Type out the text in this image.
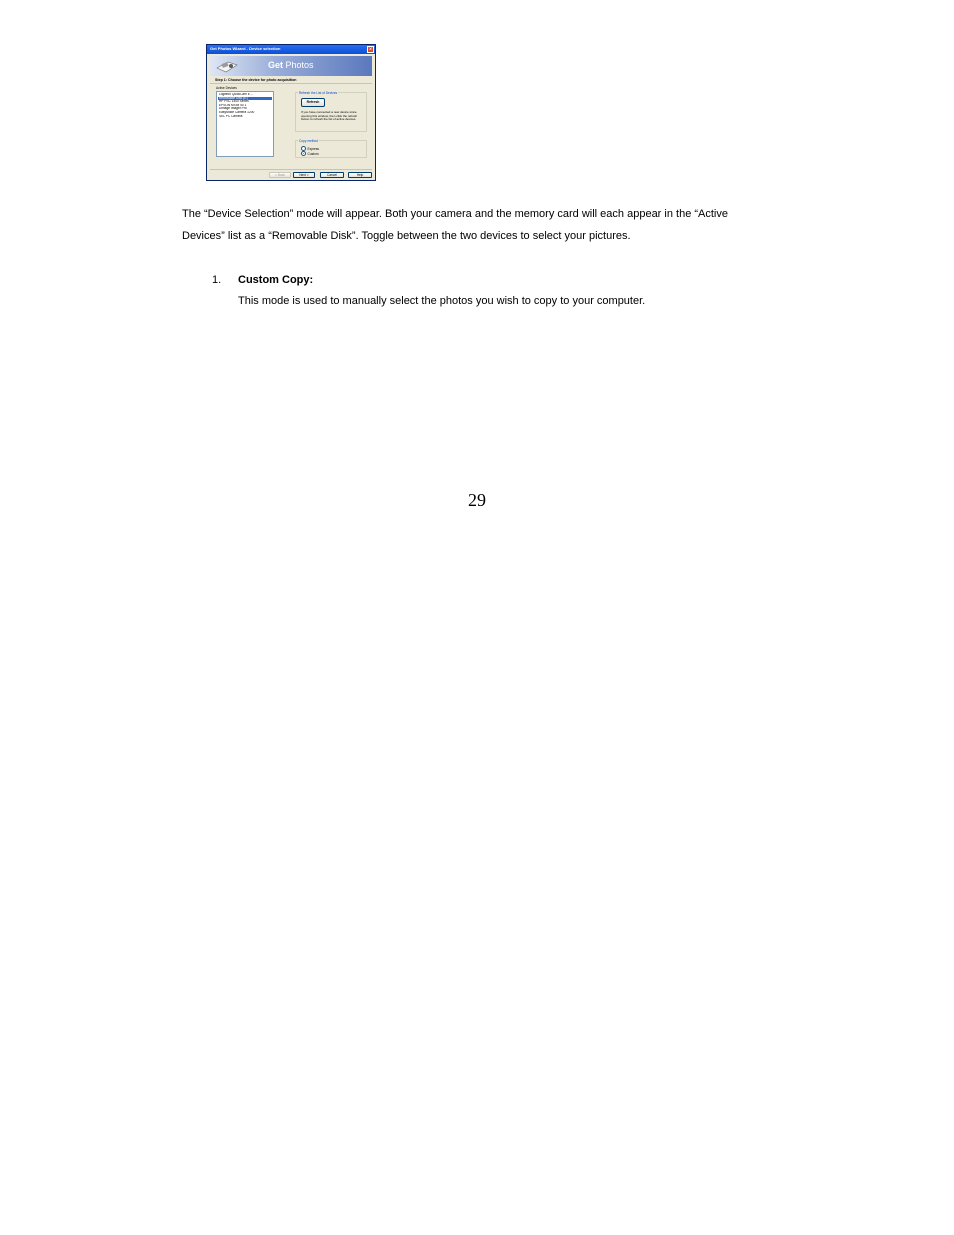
Get Photos Wizard - Device selection	×
Get Photos
Step 1: Choose the device for photo acquisition
Active Devices
Logitech QuickCam E…
Removable Disk (E:)
HP PSC 1400 Series
EPSON MX5x Sc 1
Dimage Imager Pro
EasyMode Camera 1200
SEL PC Camera
Refresh the List of Devices
Refresh
If you have connected a new device since opening this window, then click the refresh button to refresh the list of active devices.
Copy method
Express
Custom
< Back	Next >	Cancel	Help

The “Device Selection” mode will appear. Both your camera and the memory card will each appear in the “Active Devices” list as a “Removable Disk”. Toggle between the two devices to select your pictures.

1. Custom Copy:
This mode is used to manually select the photos you wish to copy to your computer.
29
